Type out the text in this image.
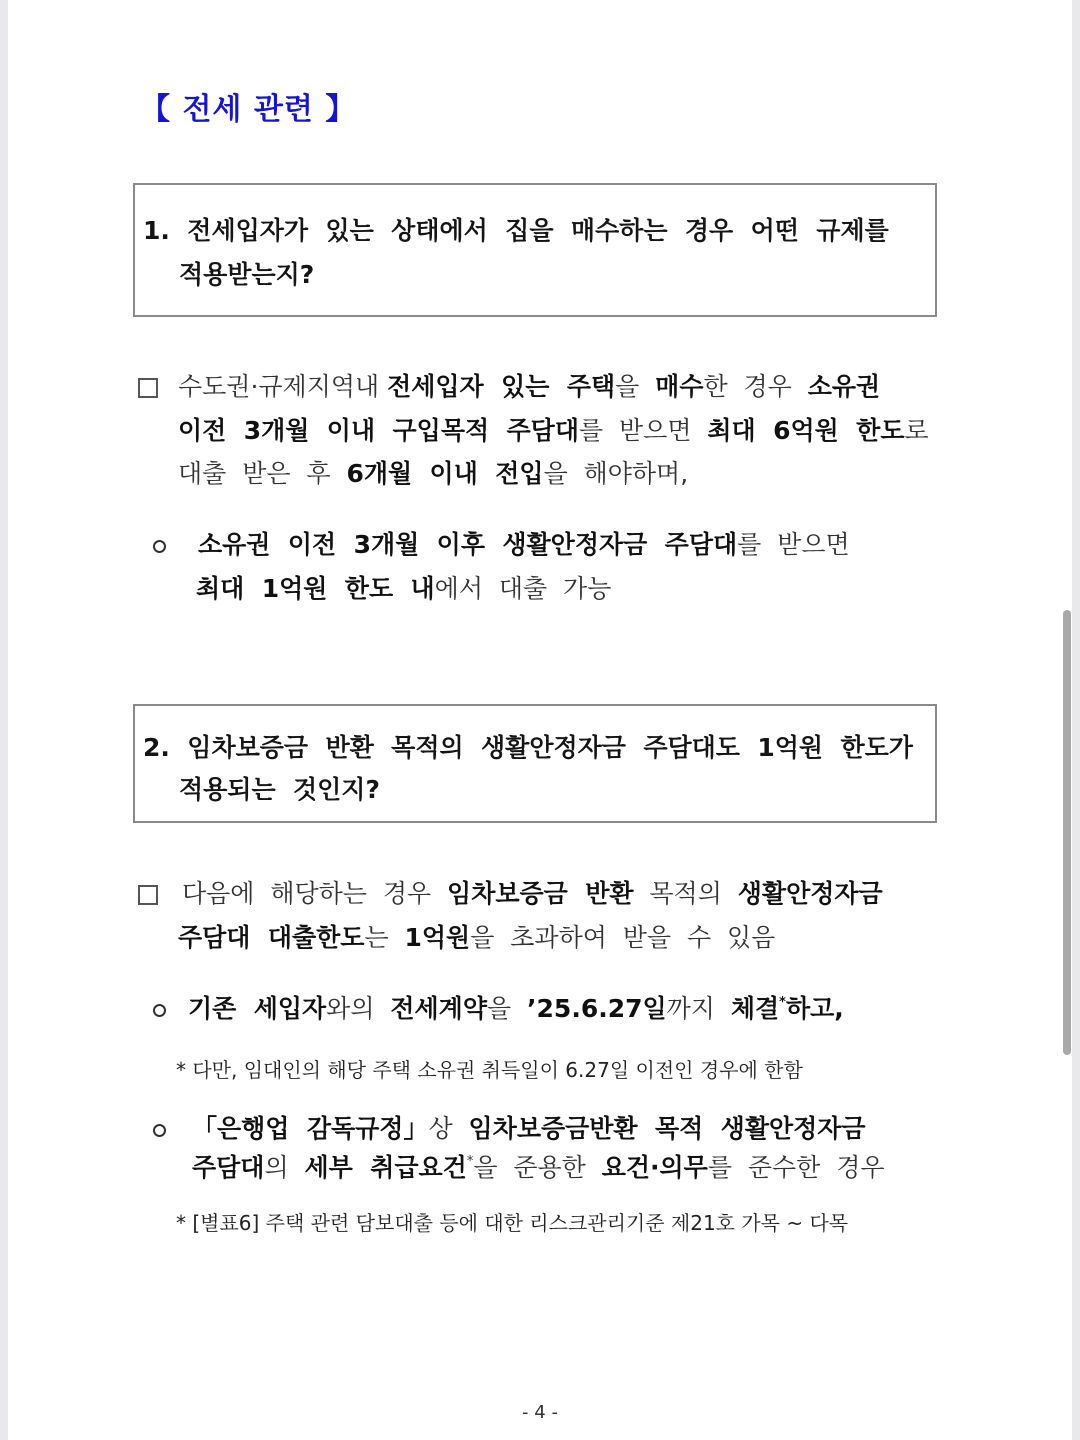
【 전세 관련 】
1.  전세입자가  있는  상태에서  집을  매수하는  경우  어떤  규제를
적용받는지?
수도권·규제지역내 전세입자  있는  주택을  매수한  경우  소유권
이전  3개월  이내  구입목적  주담대를  받으면  최대  6억원  한도로
대출  받은  후  6개월  이내  전입을  해야하며,
소유권  이전  3개월  이후  생활안정자금  주담대를  받으면
최대  1억원  한도  내에서  대출  가능
2.  임차보증금  반환  목적의  생활안정자금  주담대도  1억원  한도가
적용되는  것인지?
다음에  해당하는  경우  임차보증금  반환  목적의  생활안정자금
주담대  대출한도는  1억원을  초과하여  받을  수  있음
기존  세입자와의  전세계약을  ’25.6.27일까지  체결*하고,
* 다만, 임대인의 해당 주택 소유권 취득일이 6.27일 이전인 경우에 한함
「은행업  감독규정」상  임차보증금반환  목적  생활안정자금
주담대의  세부  취급요건*을  준용한  요건·의무를  준수한  경우
* [별표6] 주택 관련 담보대출 등에 대한 리스크관리기준 제21호 가목 ~ 다목
- 4 -
